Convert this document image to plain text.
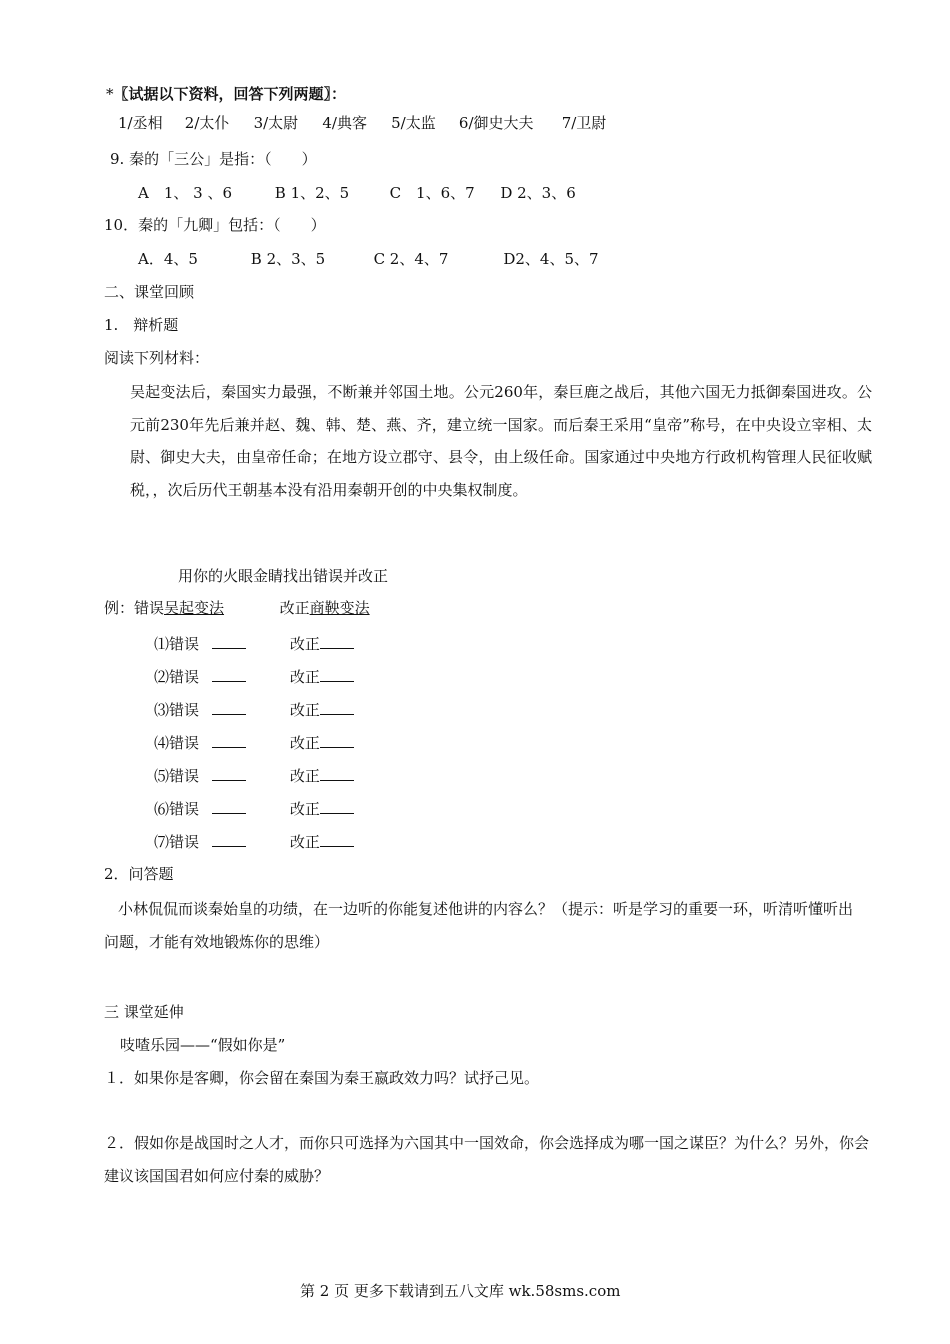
*〖试据以下资料，回答下列两题〗：
1/丞相 2/太仆 3/太尉 4/典客 5/太监 6/御史大夫 7/卫尉
9. 秦的「三公」是指：（　　）
A　1、 3 、6	B 1、2、5	C　1、6、7 D 2、3、6
10．秦的「九卿」包括：（　　）
A．4、5	B 2、3、5	C 2、4、7	D2、4、5、7
二、课堂回顾
1.　辩析题
阅读下列材料：
吴起变法后，秦国实力最强，不断兼并邻国土地。公元260年，秦巨鹿之战后，其他六国无力抵御秦国进攻。公元前230年先后兼并赵、魏、韩、楚、燕、齐，建立统一国家。而后秦王采用“皇帝”称号，在中央设立宰相、太尉、御史大夫，由皇帝任命；在地方设立郡守、县令，由上级任命。国家通过中央地方行政机构管理人民征收赋税，，次后历代王朝基本没有沿用秦朝开创的中央集权制度。
用你的火眼金睛找出错误并改正
例：错误吴起变法	改正商鞅变法
⑴错误	改正
⑵错误	改正
⑶错误	改正
⑷错误	改正
⑸错误	改正
⑹错误	改正
⑺错误	改正
2．问答题
小林侃侃而谈秦始皇的功绩，在一边听的你能复述他讲的内容么？（提示：听是学习的重要一环，听清听懂听出问题，才能有效地锻炼你的思维）
三 课堂延伸
吱喳乐园——“假如你是”
１．如果你是客卿，你会留在秦国为秦王嬴政效力吗？试抒己见。
２．假如你是战国时之人才，而你只可选择为六国其中一国效命，你会选择成为哪一国之谋臣？为什么？另外，你会建议该国国君如何应付秦的威胁？
第 2 页 更多下载请到五八文库 wk.58sms.com
